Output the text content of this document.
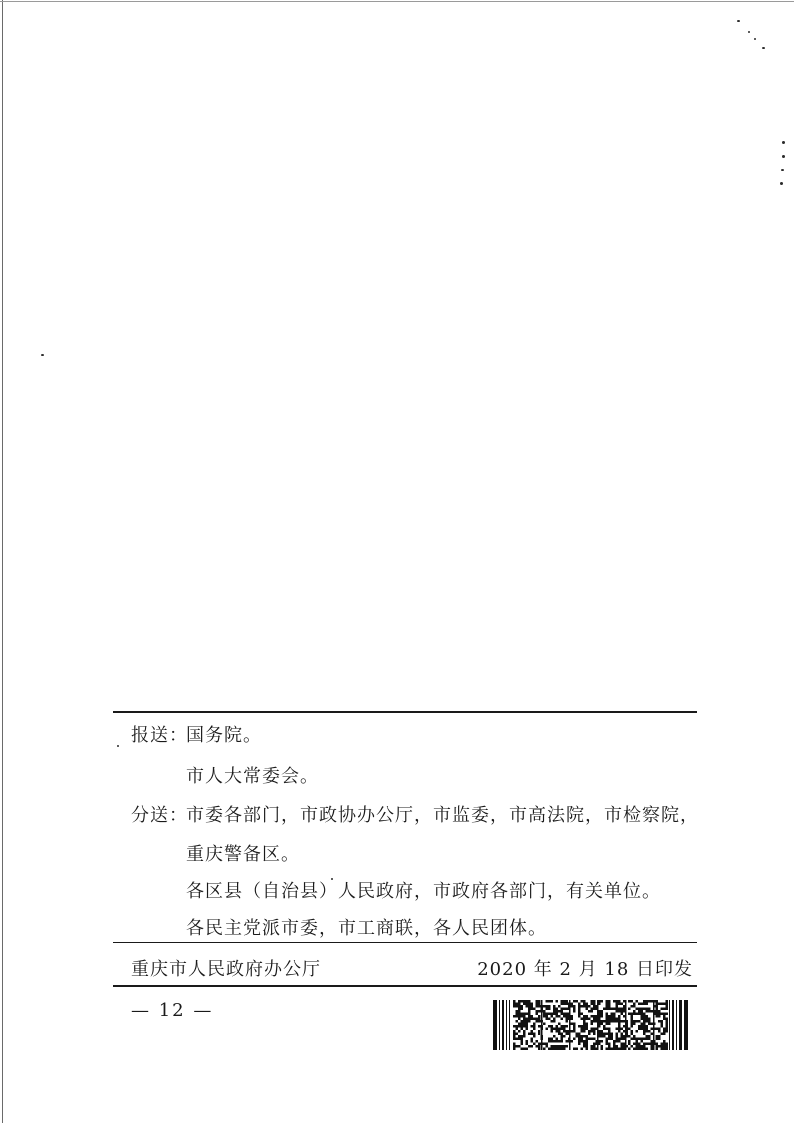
报送：
国务院。
市人大常委会。
分送：
市委各部门，市政协办公厅，市监委，市高法院，市检察院，
重庆警备区。
各区县（自治县）人民政府，市政府各部门，有关单位。
各民主党派市委，市工商联，各人民团体。
重庆市人民政府办公厅	2020 年 2 月 18 日印发
— 12 —
